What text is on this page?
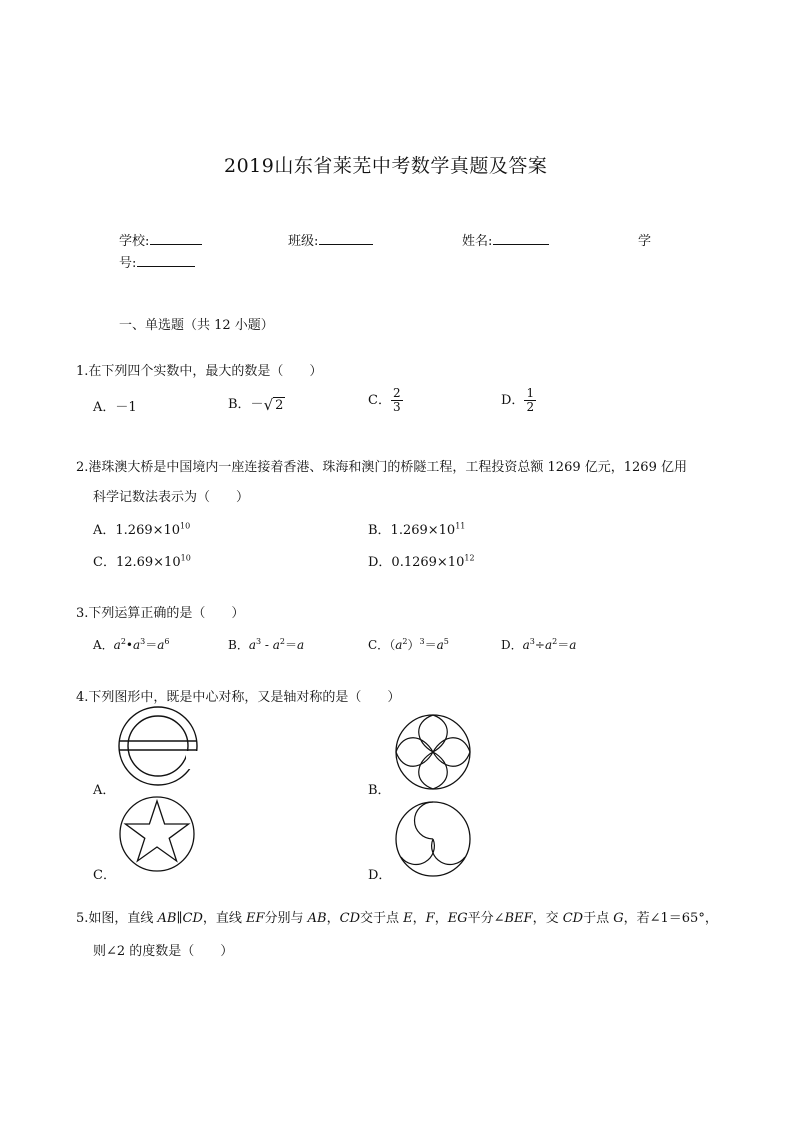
2019山东省莱芜中考数学真题及答案
学校:	班级:	姓名:	学
号:
一、单选题（共 12 小题）
1.在下列四个实数中，最大的数是（　　）
A．－1	B．－ √ 2	C． $\frac{2}{3}$	D． $\frac{1}{2}$
2.港珠澳大桥是中国境内一座连接着香港、珠海和澳门的桥隧工程，工程投资总额 1269 亿元，1269 亿用
科学记数法表示为（　　）
A．$1.269\times 10^{10}$	B．$1.269\times 10^{11}$
C．$12.69\times 10^{10}$	D．$0.1269\times 10^{12}$
3.下列运算正确的是（　　）
A．$a^2•a^3=a^6$	B．$a^3 - a^2=a$	C．$(a^2)^3=a^5$	D．$a^3\div a^2=a$
4.下列图形中，既是中心对称，又是轴对称的是（　　）
A．	B．
C．	D．
5.如图，直线 AB∥CD，直线 EF分别与 AB，CD交于点 E，F，EG平分∠BEF，交 CD于点 G，若∠1＝65°，
则∠2 的度数是（　　）
